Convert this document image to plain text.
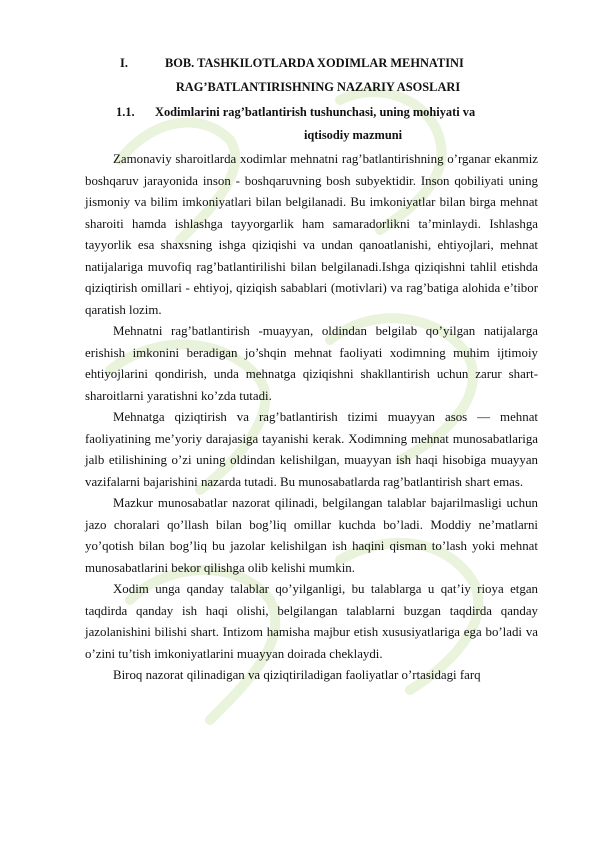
I.	BOB. TASHKILOTLARDA XODIMLAR MEHNATINI
RAG’BATLANTIRISHNING NAZARIY ASOSLARI
1.1. Xodimlarini rag’batlantirish tushunchasi, uning mohiyati va
iqtisodiy mazmuni

Zamonaviy sharoitlarda xodimlar mehnatni rag’batlantirishning o’rganar ekanmiz boshqaruv jarayonida inson - boshqaruvning bosh subyektidir. Inson qobiliyati uning jismoniy va bilim imkoniyatlari bilan belgilanadi. Bu imkoniyatlar bilan birga mehnat sharoiti hamda ishlashga tayyorgarlik ham samaradorlikni ta’minlaydi. Ishlashga tayyorlik esa shaxsning ishga qiziqishi va undan qanoatlanishi, ehtiyojlari, mehnat natijalariga muvofiq rag’batlantirilishi bilan belgilanadi.Ishga qiziqishni tahlil etishda qiziqtirish omillari - ehtiyoj, qiziqish sabablari (motivlari) va rag’batiga alohida e’tibor qaratish lozim.

Mehnatni rag’batlantirish -muayyan, oldindan belgilab qo’yilgan natijalarga erishish imkonini beradigan jo’shqin mehnat faoliyati xodimning muhim ijtimoiy ehtiyojlarini qondirish, unda mehnatga qiziqishni shakllantirish uchun zarur shart- sharoitlarni yaratishni ko’zda tutadi.

Mehnatga qiziqtirish va rag’batlantirish tizimi muayyan asos — mehnat faoliyatining me’yoriy darajasiga tayanishi kerak. Xodimning mehnat munosabatlariga jalb etilishining o’zi uning oldindan kelishilgan, muayyan ish haqi hisobiga muayyan vazifalarni bajarishini nazarda tutadi. Bu munosabatlarda rag’batlantirish shart emas.

Mazkur munosabatlar nazorat qilinadi, belgilangan talablar bajarilmasligi uchun jazo choralari qo’llash bilan bog’liq omillar kuchda bo’ladi. Moddiy ne’matlarni yo’qotish bilan bog’liq bu jazolar kelishilgan ish haqini qisman to’lash yoki mehnat munosabatlarini bekor qilishga olib kelishi mumkin.

Xodim unga qanday talablar qo’yilganligi, bu talablarga u qat’iy rioya etgan taqdirda qanday ish haqi olishi, belgilangan talablarni buzgan taqdirda qanday jazolanishini bilishi shart. Intizom hamisha majbur etish xususiyatlariga ega bo’ladi va o’zini tu’tish imkoniyatlarini muayyan doirada cheklaydi.

Biroq nazorat qilinadigan va qiziqtiriladigan faoliyatlar o’rtasidagi farq
